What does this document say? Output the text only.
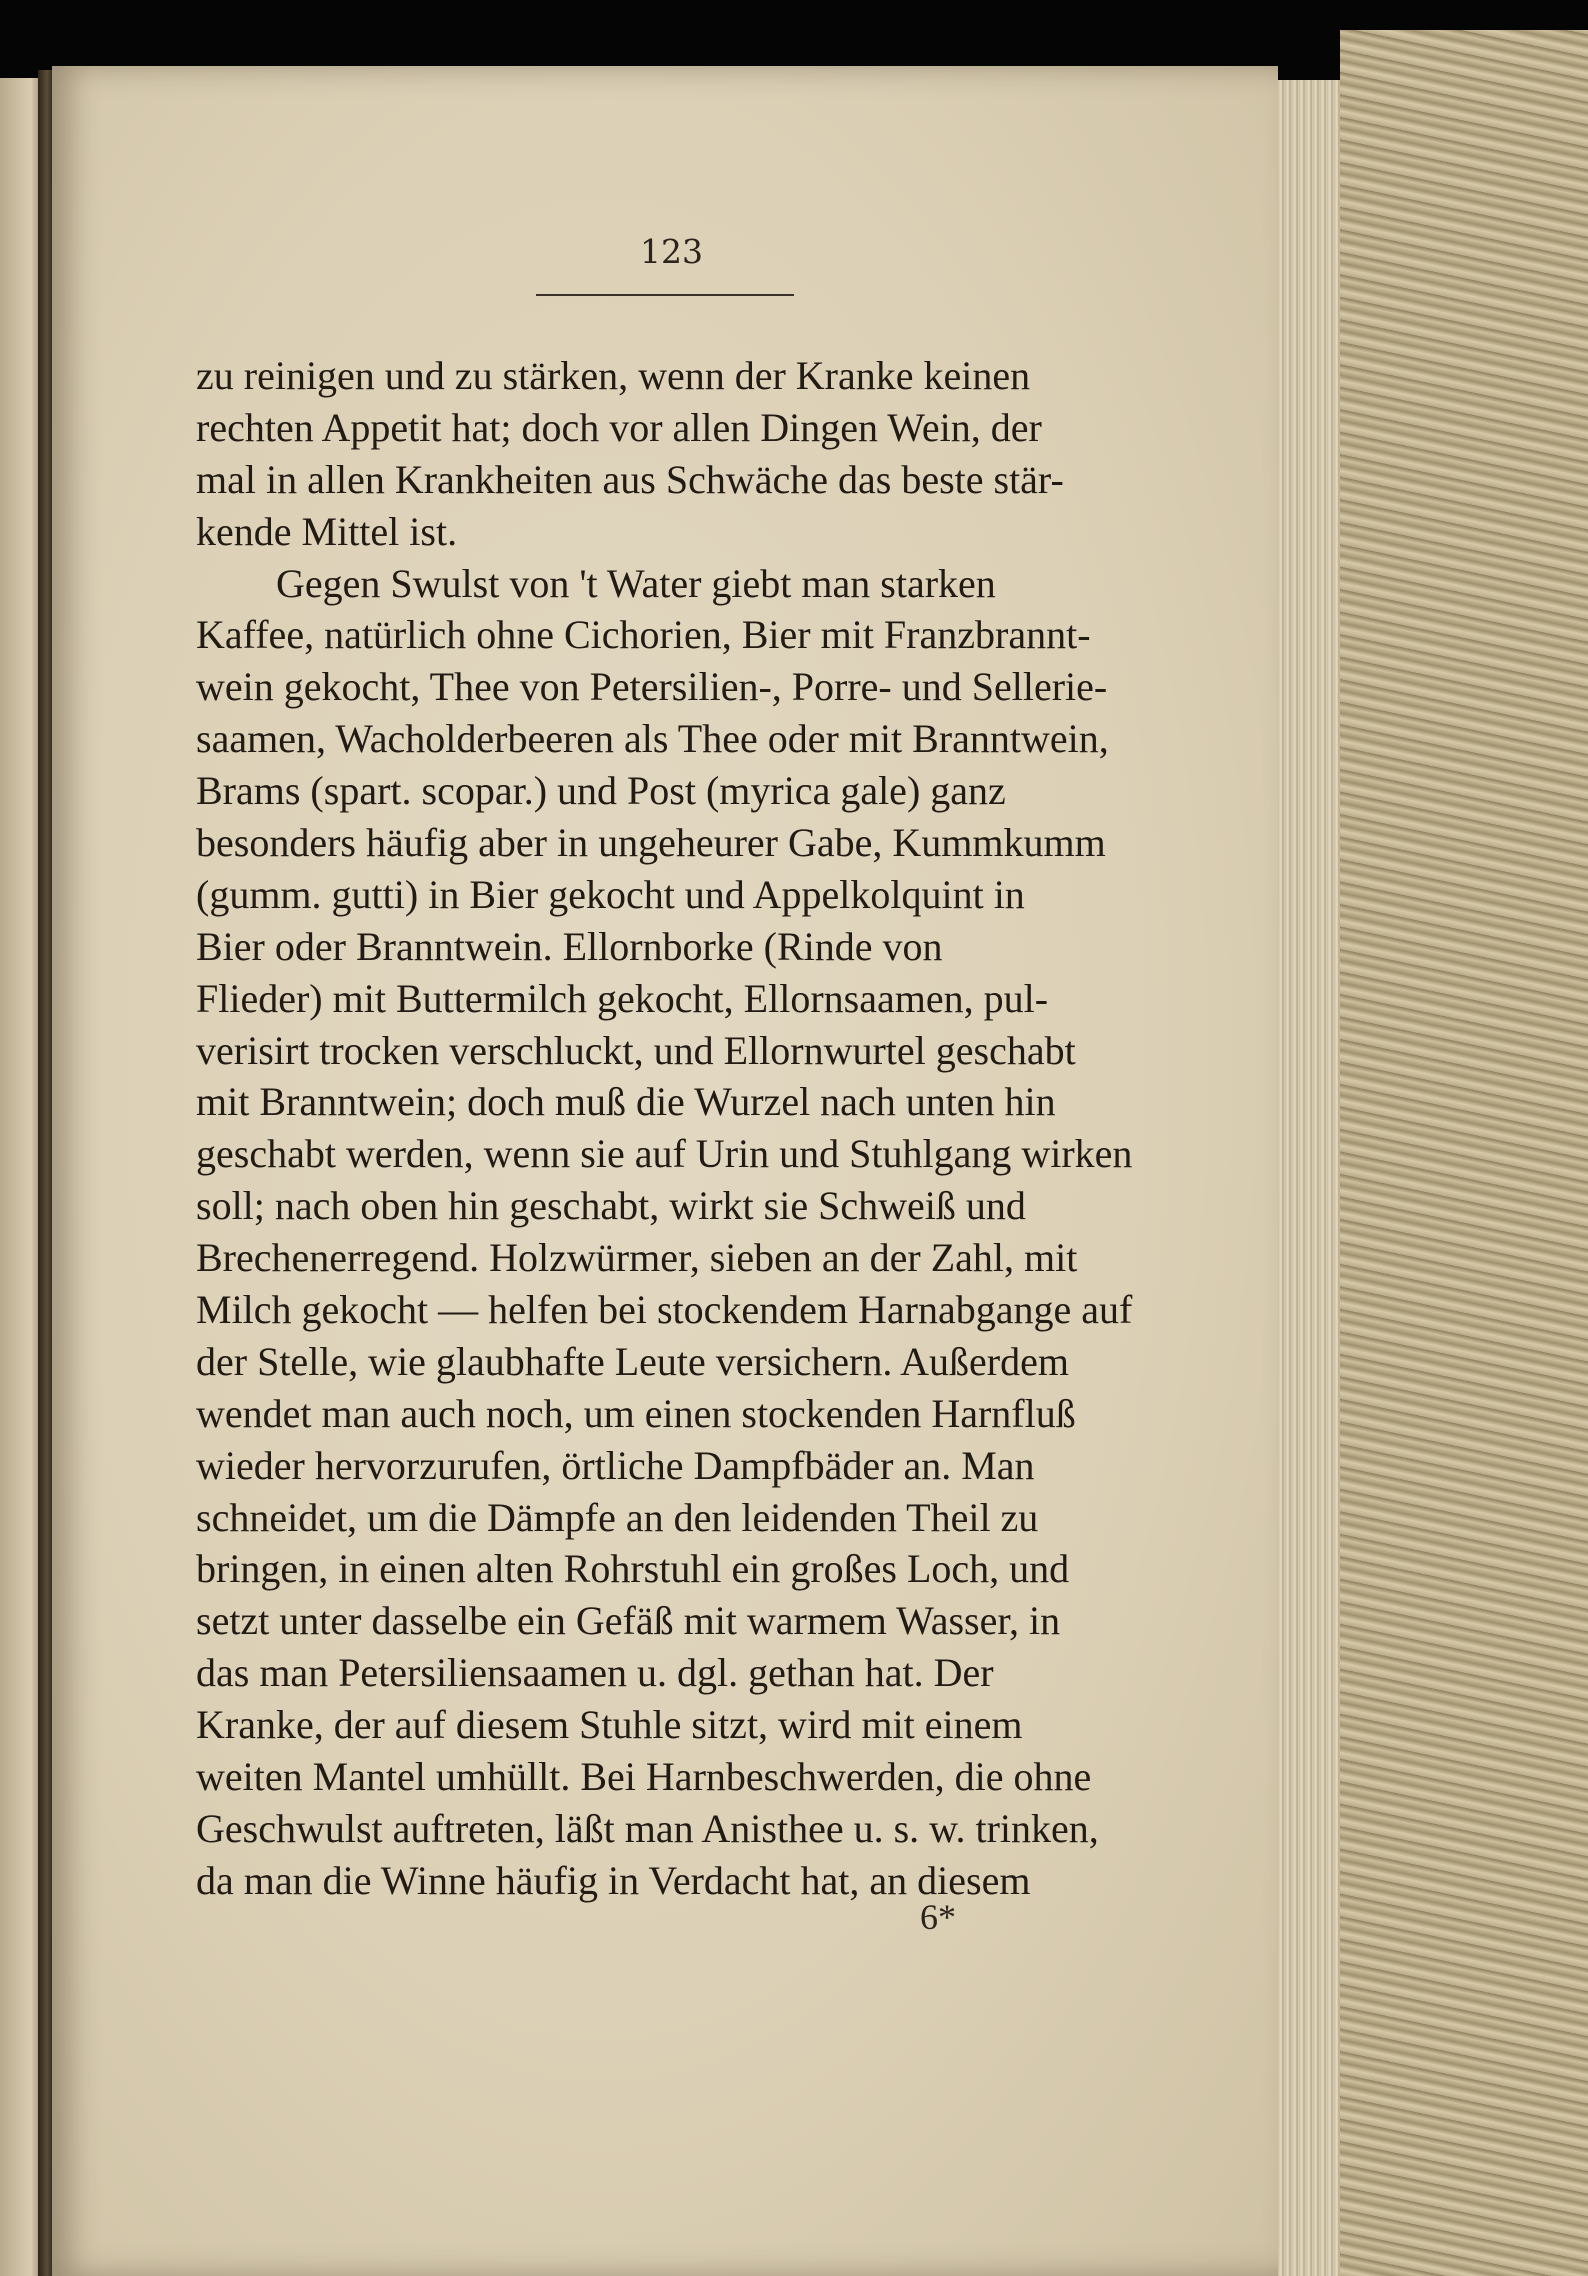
123
zu reinigen und zu stärken, wenn der Kranke keinen
rechten Appetit hat; doch vor allen Dingen Wein, der
mal in allen Krankheiten aus Schwäche das beste stär-
kende Mittel ist.
Gegen Swulst von 't Water giebt man starken
Kaffee, natürlich ohne Cichorien, Bier mit Franzbrannt-
wein gekocht, Thee von Petersilien-, Porre- und Sellerie-
saamen, Wacholderbeeren als Thee oder mit Branntwein,
Brams (spart. scopar.) und Post (myrica gale) ganz
besonders häufig aber in ungeheurer Gabe, Kummkumm
(gumm. gutti) in Bier gekocht und Appelkolquint in
Bier oder Branntwein. Ellornborke (Rinde von
Flieder) mit Buttermilch gekocht, Ellornsaamen, pul-
verisirt trocken verschluckt, und Ellornwurtel geschabt
mit Branntwein; doch muß die Wurzel nach unten hin
geschabt werden, wenn sie auf Urin und Stuhlgang wirken
soll; nach oben hin geschabt, wirkt sie Schweiß und
Brechenerregend. Holzwürmer, sieben an der Zahl, mit
Milch gekocht — helfen bei stockendem Harnabgange auf
der Stelle, wie glaubhafte Leute versichern. Außerdem
wendet man auch noch, um einen stockenden Harnfluß
wieder hervorzurufen, örtliche Dampfbäder an. Man
schneidet, um die Dämpfe an den leidenden Theil zu
bringen, in einen alten Rohrstuhl ein großes Loch, und
setzt unter dasselbe ein Gefäß mit warmem Wasser, in
das man Petersiliensaamen u. dgl. gethan hat. Der
Kranke, der auf diesem Stuhle sitzt, wird mit einem
weiten Mantel umhüllt. Bei Harnbeschwerden, die ohne
Geschwulst auftreten, läßt man Anisthee u. s. w. trinken,
da man die Winne häufig in Verdacht hat, an diesem
6*
